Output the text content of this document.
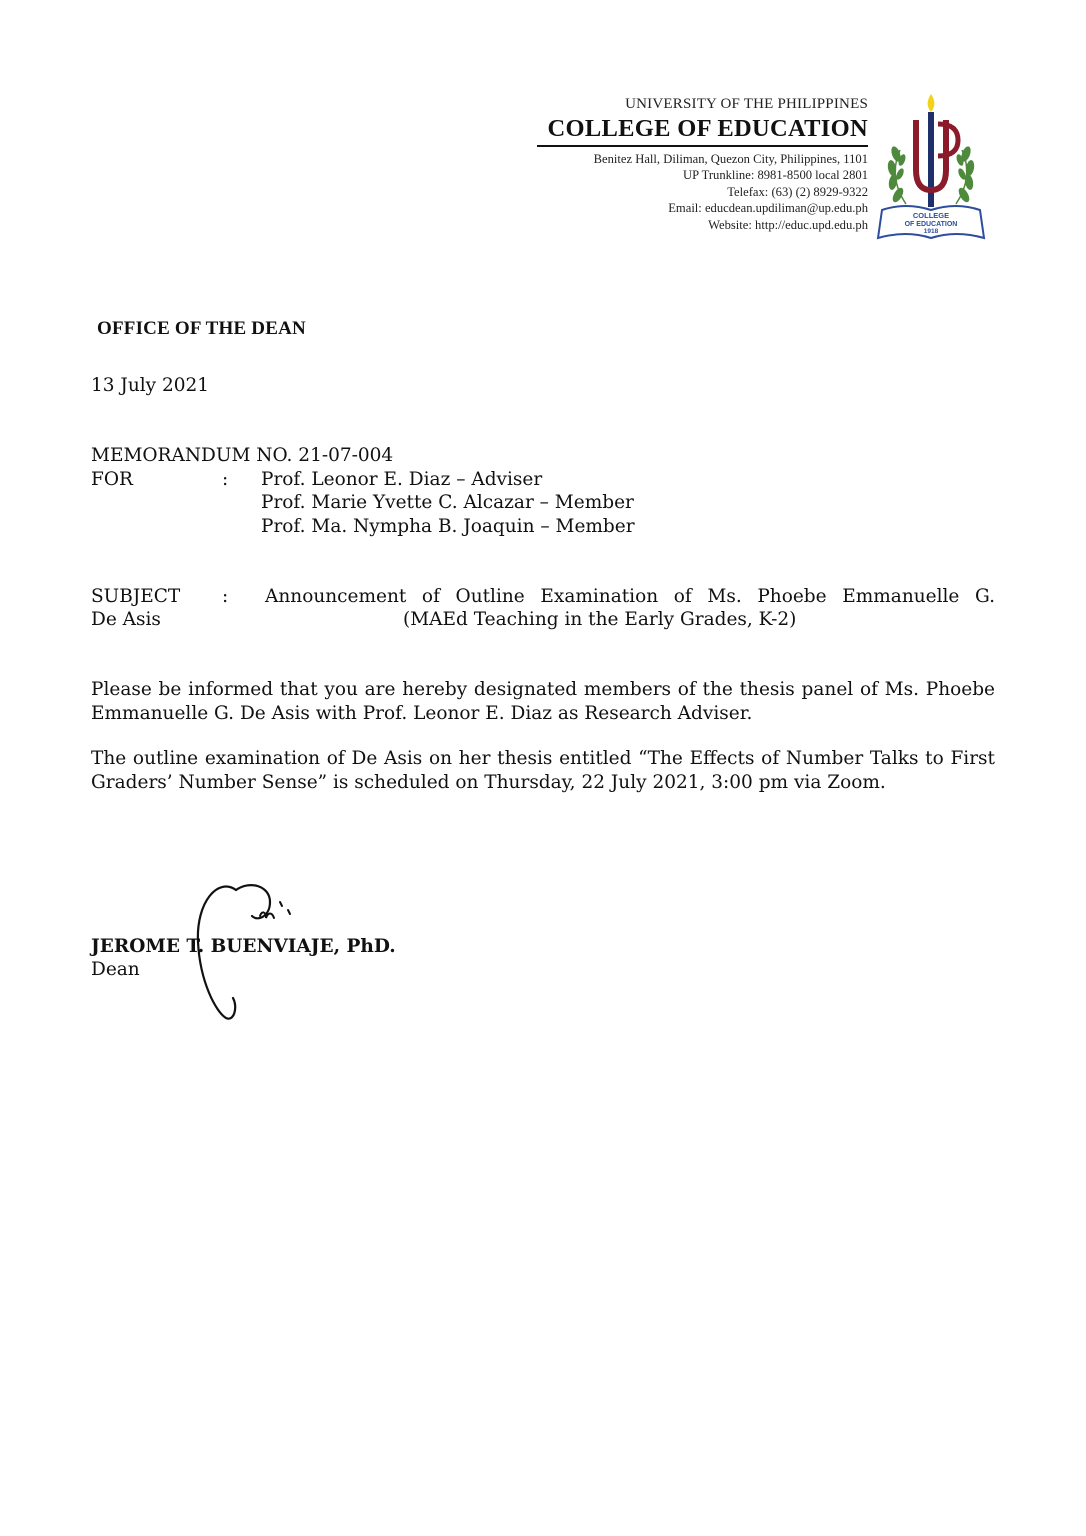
UNIVERSITY OF THE PHILIPPINES
COLLEGE OF EDUCATION
Benitez Hall, Diliman, Quezon City, Philippines, 1101
UP Trunkline: 8981-8500 local 2801
Telefax: (63) (2) 8929-9322
Email: educdean.updiliman@up.edu.ph
Website: http://educ.upd.edu.ph
COLLEGE
OF EDUCATION
1918
OFFICE OF THE DEAN
13 July 2021
MEMORANDUM NO. 21-07-004
FOR	: Prof. Leonor E. Diaz – Adviser
Prof. Marie Yvette C. Alcazar – Member
Prof. Ma. Nympha B. Joaquin – Member
SUBJECT : Announcement of Outline Examination of Ms. Phoebe Emmanuelle G.
De Asis	(MAEd Teaching in the Early Grades, K-2)
Please be informed that you are hereby designated members of the thesis panel of Ms. Phoebe Emmanuelle G. De Asis with Prof. Leonor E. Diaz as Research Adviser.
The outline examination of De Asis on her thesis entitled “The Effects of Number Talks to First Graders’ Number Sense” is scheduled on Thursday, 22 July 2021, 3:00 pm via Zoom.
JEROME T. BUENVIAJE, PhD.
Dean
